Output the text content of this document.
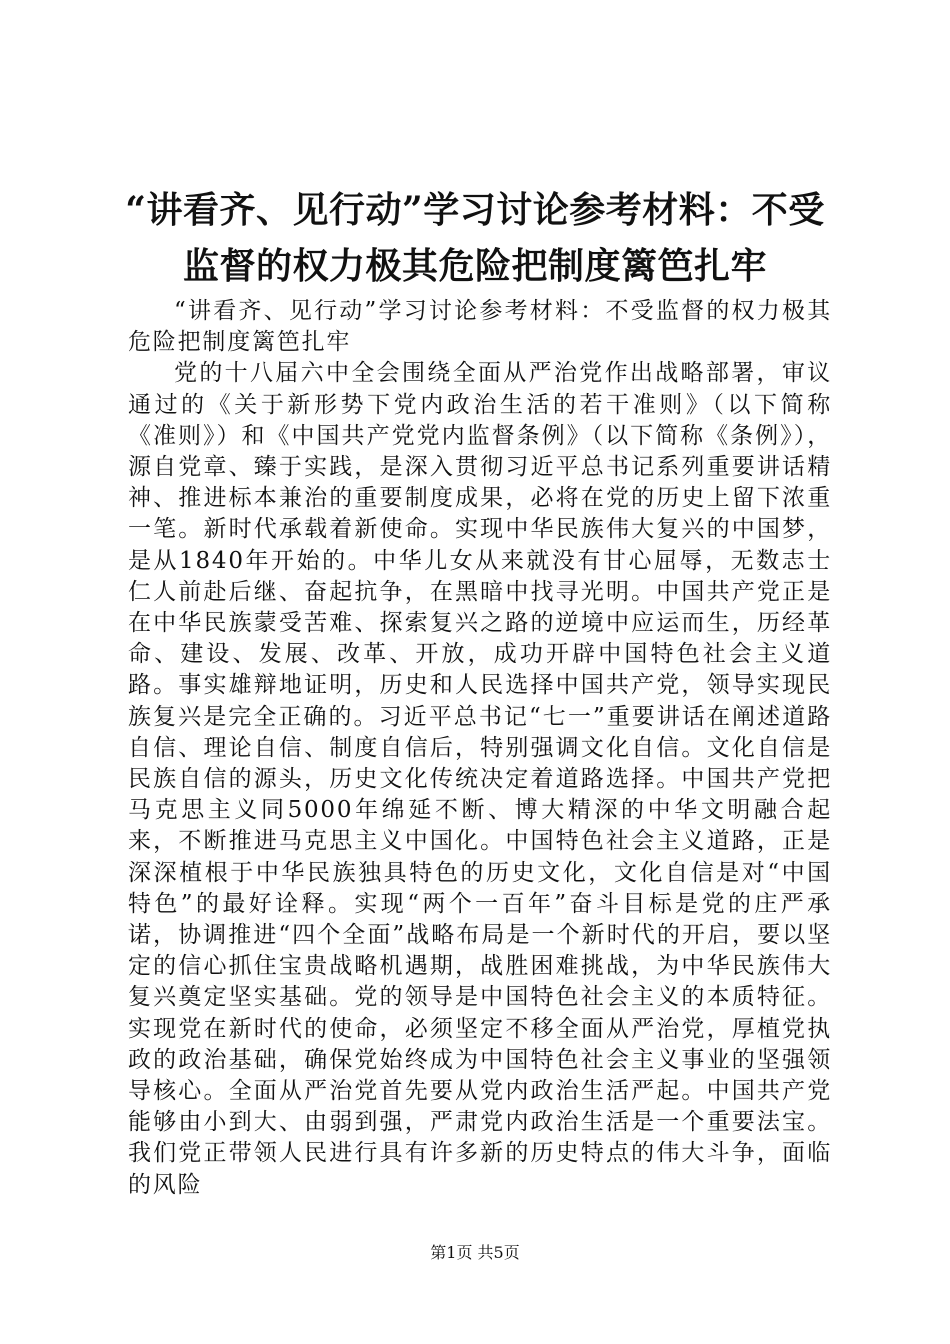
“讲看齐、见行动”学习讨论参考材料：不受监督的权力极其危险把制度篱笆扎牢

“讲看齐、见行动”学习讨论参考材料：不受监督的权力极其危险把制度篱笆扎牢

党的十八届六中全会围绕全面从严治党作出战略部署，审议通过的《关于新形势下党内政治生活的若干准则》（以下简称《准则》）和《中国共产党党内监督条例》（以下简称《条例》），源自党章、臻于实践，是深入贯彻习近平总书记系列重要讲话精神、推进标本兼治的重要制度成果，必将在党的历史上留下浓重一笔。新时代承载着新使命。实现中华民族伟大复兴的中国梦，是从1840年开始的。中华儿女从来就没有甘心屈辱，无数志士仁人前赴后继、奋起抗争，在黑暗中找寻光明。中国共产党正是在中华民族蒙受苦难、探索复兴之路的逆境中应运而生，历经革命、建设、发展、改革、开放，成功开辟中国特色社会主义道路。事实雄辩地证明，历史和人民选择中国共产党，领导实现民族复兴是完全正确的。习近平总书记“七一”重要讲话在阐述道路自信、理论自信、制度自信后，特别强调文化自信。文化自信是民族自信的源头，历史文化传统决定着道路选择。中国共产党把马克思主义同5000年绵延不断、博大精深的中华文明融合起来，不断推进马克思主义中国化。中国特色社会主义道路，正是深深植根于中华民族独具特色的历史文化，文化自信是对“中国特色”的最好诠释。实现“两个一百年”奋斗目标是党的庄严承诺，协调推进“四个全面”战略布局是一个新时代的开启，要以坚定的信心抓住宝贵战略机遇期，战胜困难挑战，为中华民族伟大复兴奠定坚实基础。党的领导是中国特色社会主义的本质特征。实现党在新时代的使命，必须坚定不移全面从严治党，厚植党执政的政治基础，确保党始终成为中国特色社会主义事业的坚强领导核心。全面从严治党首先要从党内政治生活严起。中国共产党能够由小到大、由弱到强，严肃党内政治生活是一个重要法宝。我们党正带领人民进行具有许多新的历史特点的伟大斗争，面临的风险

第1页 共5页
